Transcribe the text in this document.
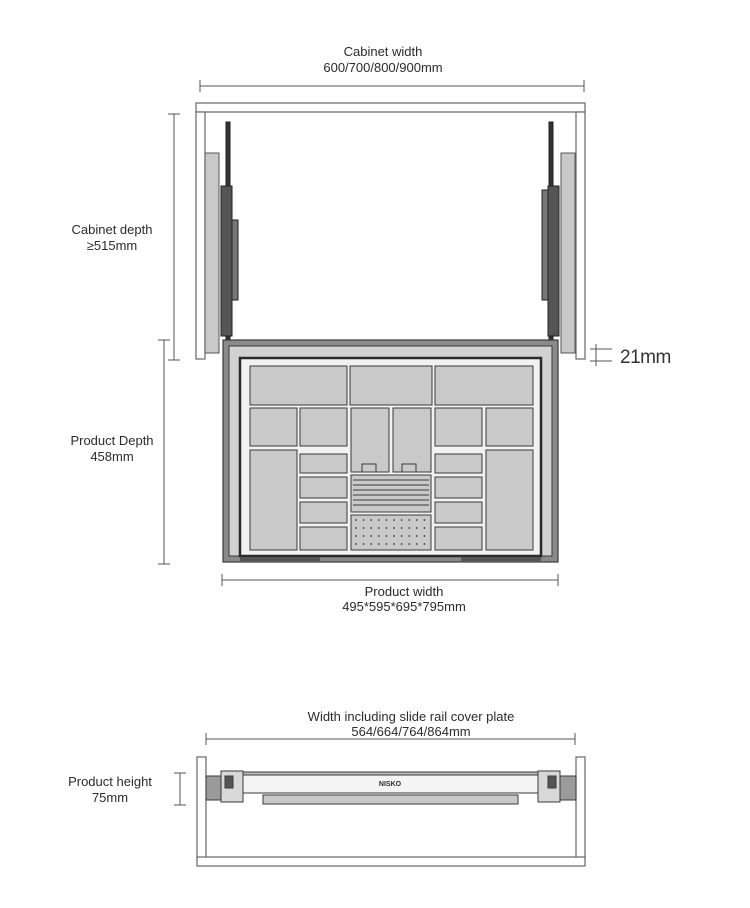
Cabinet width
600/700/800/900mm
Cabinet depth
≥515mm
21mm
Product Depth
458mm
Product width
495*595*695*795mm
Width including slide rail cover plate
564/664/764/864mm
Product height
75mm
NISKO
